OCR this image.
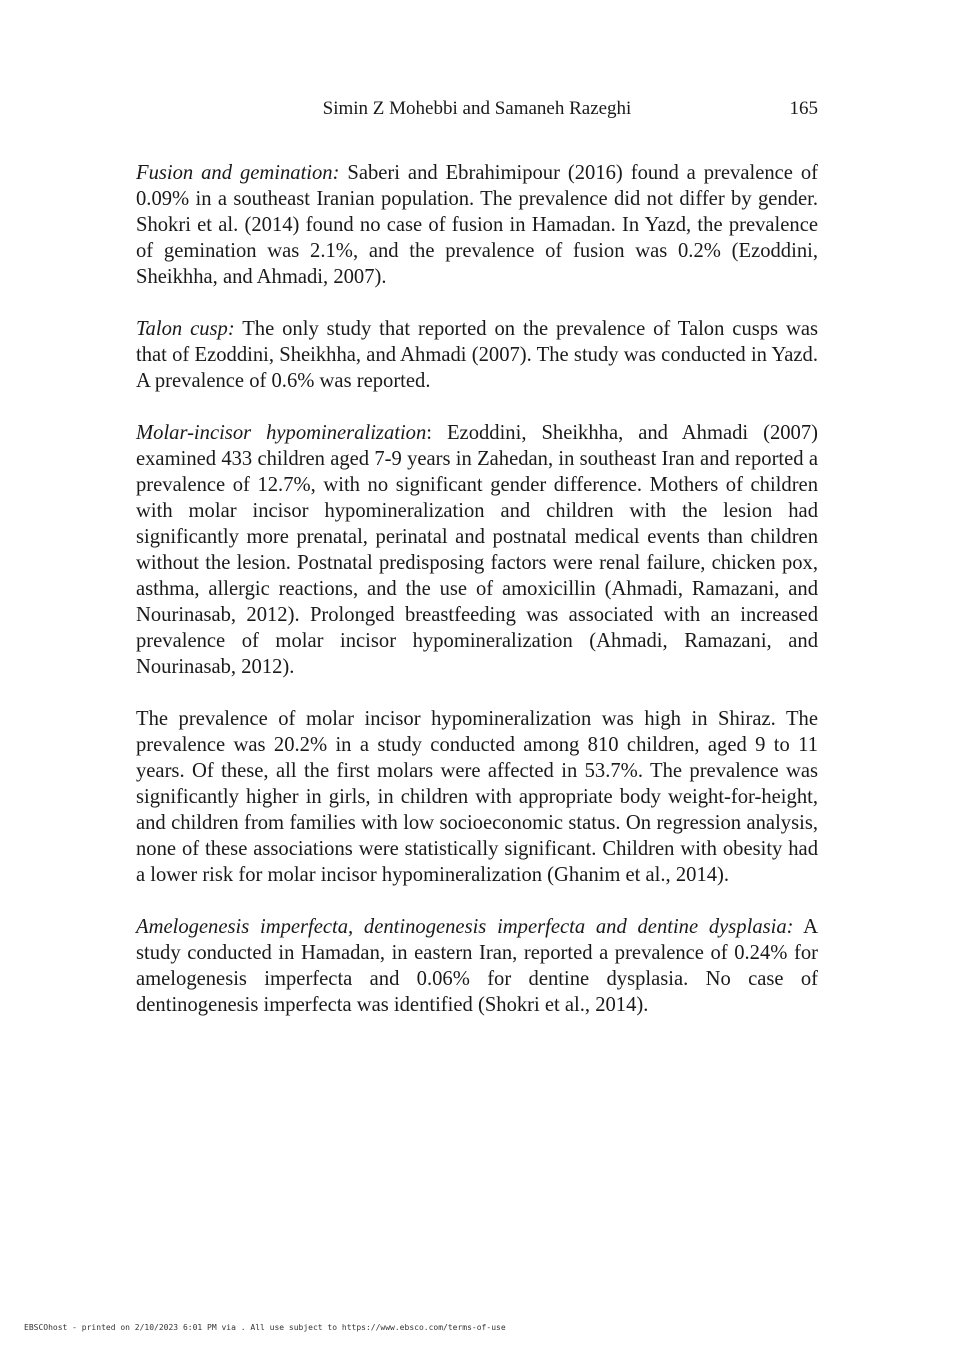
Simin Z Mohebbi and Samaneh Razeghi	165

Fusion and gemination: Saberi and Ebrahimipour (2016) found a prevalence of 0.09% in a southeast Iranian population. The prevalence did not differ by gender. Shokri et al. (2014) found no case of fusion in Hamadan. In Yazd, the prevalence of gemination was 2.1%, and the prevalence of fusion was 0.2% (Ezoddini, Sheikhha, and Ahmadi, 2007).

Talon cusp: The only study that reported on the prevalence of Talon cusps was that of Ezoddini, Sheikhha, and Ahmadi (2007). The study was conducted in Yazd. A prevalence of 0.6% was reported.

Molar-incisor hypomineralization: Ezoddini, Sheikhha, and Ahmadi (2007) examined 433 children aged 7-9 years in Zahedan, in southeast Iran and reported a prevalence of 12.7%, with no significant gender difference. Mothers of children with molar incisor hypomineralization and children with the lesion had significantly more prenatal, perinatal and postnatal medical events than children without the lesion. Postnatal predisposing factors were renal failure, chicken pox, asthma, allergic reactions, and the use of amoxicillin (Ahmadi, Ramazani, and Nourinasab, 2012). Prolonged breastfeeding was associated with an increased prevalence of molar incisor hypomineralization (Ahmadi, Ramazani, and Nourinasab, 2012).

The prevalence of molar incisor hypomineralization was high in Shiraz. The prevalence was 20.2% in a study conducted among 810 children, aged 9 to 11 years. Of these, all the first molars were affected in 53.7%. The prevalence was significantly higher in girls, in children with appropriate body weight-for-height, and children from families with low socioeconomic status. On regression analysis, none of these associations were statistically significant. Children with obesity had a lower risk for molar incisor hypomineralization (Ghanim et al., 2014).

Amelogenesis imperfecta, dentinogenesis imperfecta and dentine dysplasia: A study conducted in Hamadan, in eastern Iran, reported a prevalence of 0.24% for amelogenesis imperfecta and 0.06% for dentine dysplasia. No case of dentinogenesis imperfecta was identified (Shokri et al., 2014).

EBSCOhost - printed on 2/10/2023 6:01 PM via . All use subject to https://www.ebsco.com/terms-of-use
